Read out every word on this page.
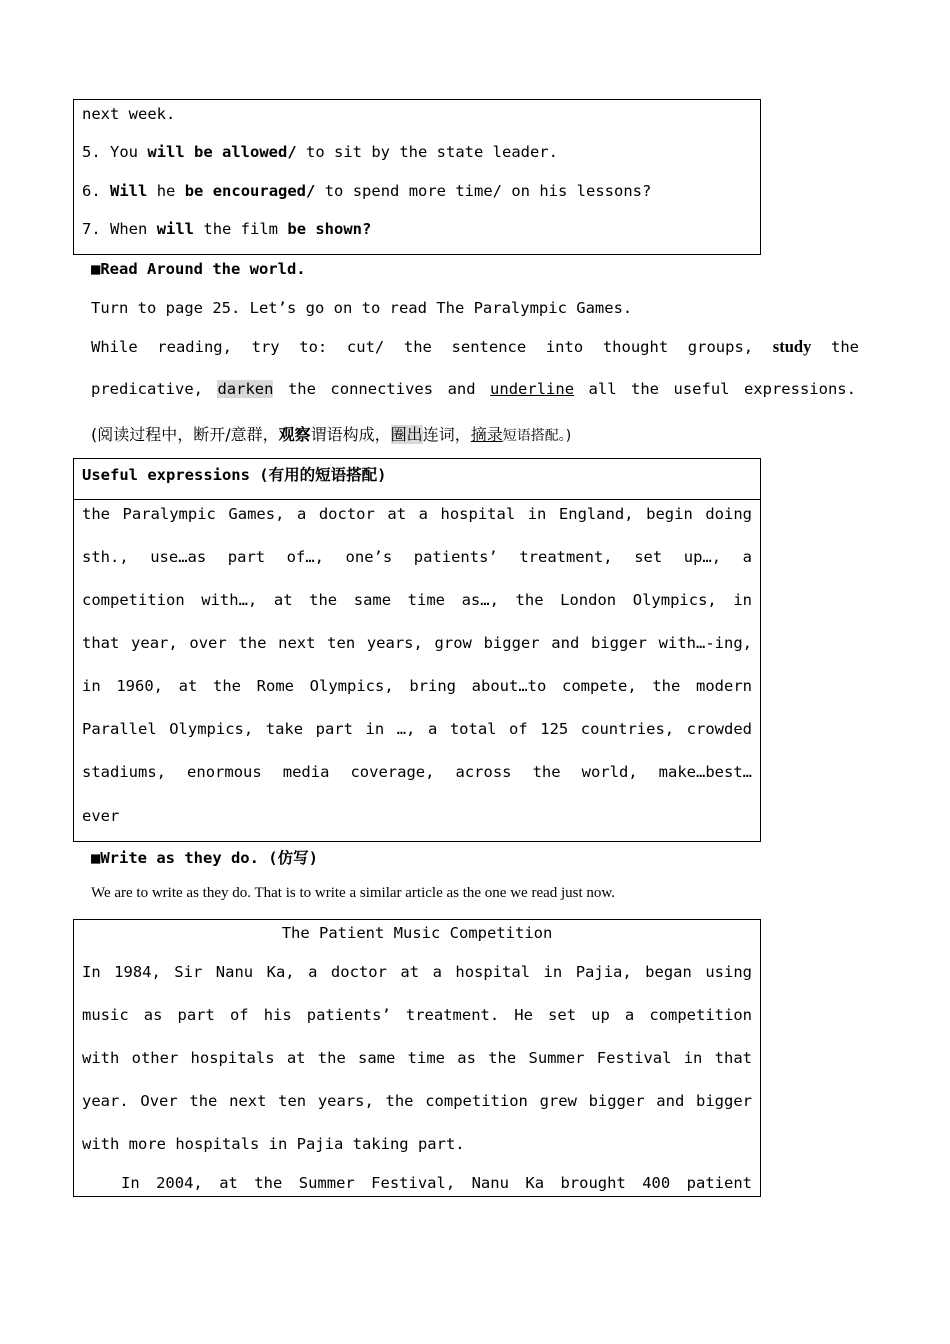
next week.
5. You will be allowed/ to sit by the state leader.
6. Will he be encouraged/ to spend more time/ on his lessons?
7. When will the film be shown?
■Read Around the world.
Turn to page 25. Let’s go on to read The Paralympic Games.
While reading, try to: cut/ the sentence into thought groups, study the
predicative, darken the connectives and underline all the useful expressions.
(阅读过程中，断开/意群，观察谓语构成，圈出连词，摘录短语搭配。)
Useful expressions (有用的短语搭配)
the Paralympic Games, a doctor at a hospital in England, begin doing
sth., use…as part of…, one’s patients’ treatment, set up…, a
competition with…, at the same time as…, the London Olympics, in
that year, over the next ten years, grow bigger and bigger with…-ing,
in 1960, at the Rome Olympics, bring about…to compete, the modern
Parallel Olympics, take part in …, a total of 125 countries, crowded
stadiums, enormous media coverage, across the world, make…best…
ever
■Write as they do. (仿写)
We are to write as they do. That is to write a similar article as the one we read just now.
The Patient Music Competition
In 1984, Sir Nanu Ka, a doctor at a hospital in Pajia, began using
music as part of his patients’ treatment. He set up a competition
with other hospitals at the same time as the Summer Festival in that
year. Over the next ten years, the competition grew bigger and bigger
with more hospitals in Pajia taking part.
In 2004, at the Summer Festival, Nanu Ka brought 400 patient
